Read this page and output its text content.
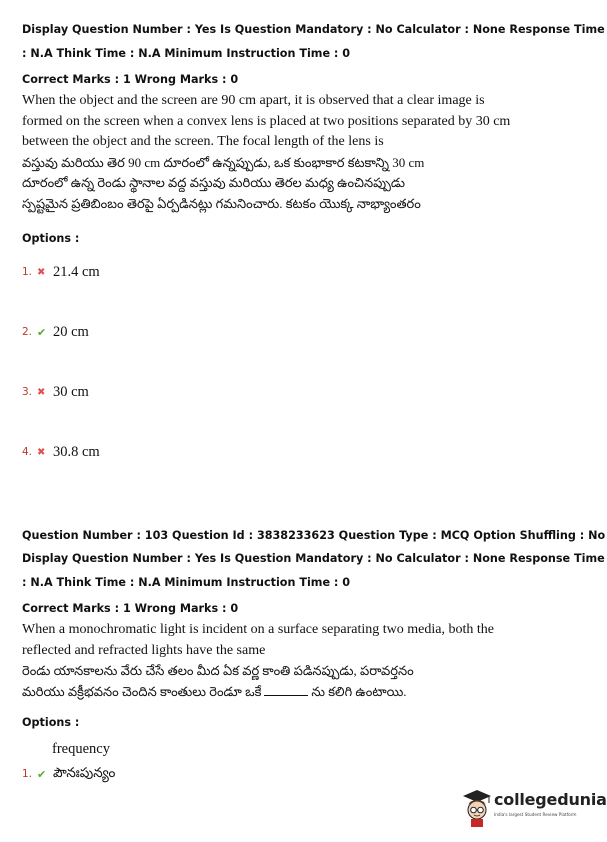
Display Question Number : Yes Is Question Mandatory : No Calculator : None Response Time
: N.A Think Time : N.A Minimum Instruction Time : 0
Correct Marks : 1 Wrong Marks : 0
When the object and the screen are 90 cm apart, it is observed that a clear image is
formed on the screen when a convex lens is placed at two positions separated by 30 cm
between the object and the screen. The focal length of the lens is
వస్తువు మరియు తెర 90 cm దూరంలో ఉన్నప్పుడు, ఒక కుంభాకార కటకాన్ని 30 cm
దూరంలో ఉన్న రెండు స్థానాల వద్ద వస్తువు మరియు తెరల మధ్య ఉంచినప్పుడు
స్పష్టమైన ప్రతిబింబం తెరపై ఏర్పడినట్లు గమనించారు. కటకం యొక్క నాభ్యాంతరం
Options :
1. ✖ 21.4 cm
2. ✔ 20 cm
3. ✖ 30 cm
4. ✖ 30.8 cm
Question Number : 103 Question Id : 3838233623 Question Type : MCQ Option Shuffling : No
Display Question Number : Yes Is Question Mandatory : No Calculator : None Response Time
: N.A Think Time : N.A Minimum Instruction Time : 0
Correct Marks : 1 Wrong Marks : 0
When a monochromatic light is incident on a surface separating two media, both the
reflected and refracted lights have the same
రెండు యానకాలను వేరు చేసే తలం మీద ఏక వర్ణ కాంతి పడినప్పుడు, పరావర్తనం
మరియు వక్రీభవనం చెందిన కాంతులు రెండూ ఒకే	ను కలిగి ఉంటాయి.
Options :
frequency
1. ✔ పౌనఃపున్యం
collegedunia
India's largest Student Review Platform
